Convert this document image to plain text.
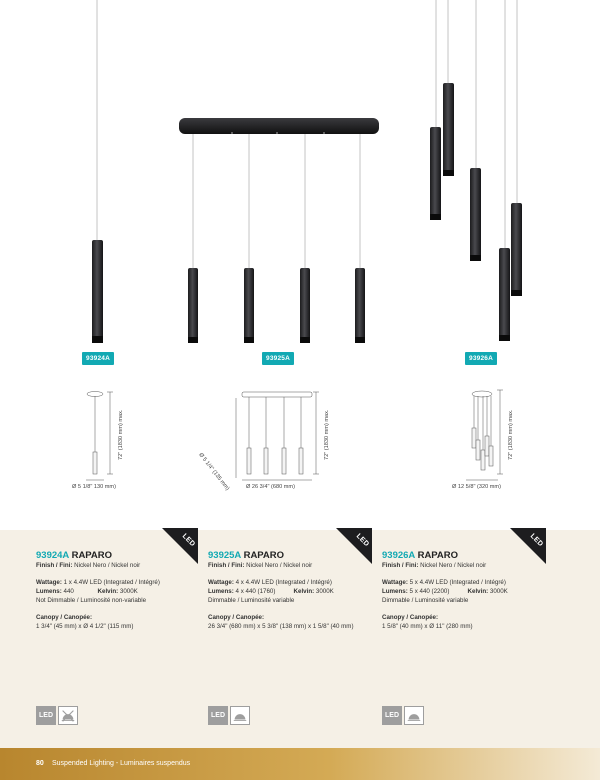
93924A	93925A	93926A
72" (1830 mm) max.
Ø 5 1/8" 130 mm)
72" (1830 mm) max.
Ø 26 3/4" (680 mm)
Ø 5 1/4" (135 mm)
72" (1830 mm) max.
Ø 12 5/8" (320 mm)
93924A RAPARO
Finish / Fini: Nickel Nero / Nickel noir
Wattage: 1 x 4.4W LED (Integrated / Intégré)
Lumens: 440	Kelvin: 3000K
Not Dimmable / Luminosité non-variable
Canopy / Canopée:
1 3/4" (45 mm) x Ø 4 1/2" (115 mm)
LED
93925A RAPARO
Finish / Fini: Nickel Nero / Nickel noir
Wattage: 4 x 4.4W LED (Integrated / Intégré)
Lumens: 4 x 440 (1760)	Kelvin: 3000K
Dimmable / Luminosité variable
Canopy / Canopée:
26 3/4" (680 mm) x 5 3/8" (138 mm) x 1 5/8" (40 mm)
LED
93926A RAPARO
Finish / Fini: Nickel Nero / Nickel noir
Wattage: 5 x 4.4W LED (Integrated / Intégré)
Lumens: 5 x 440 (2200)	Kelvin: 3000K
Dimmable / Luminosité variable
Canopy / Canopée:
1 5/8" (40 mm) x Ø 11" (280 mm)
LED
LED	LED	LED
80 Suspended Lighting - Luminaires suspendus
